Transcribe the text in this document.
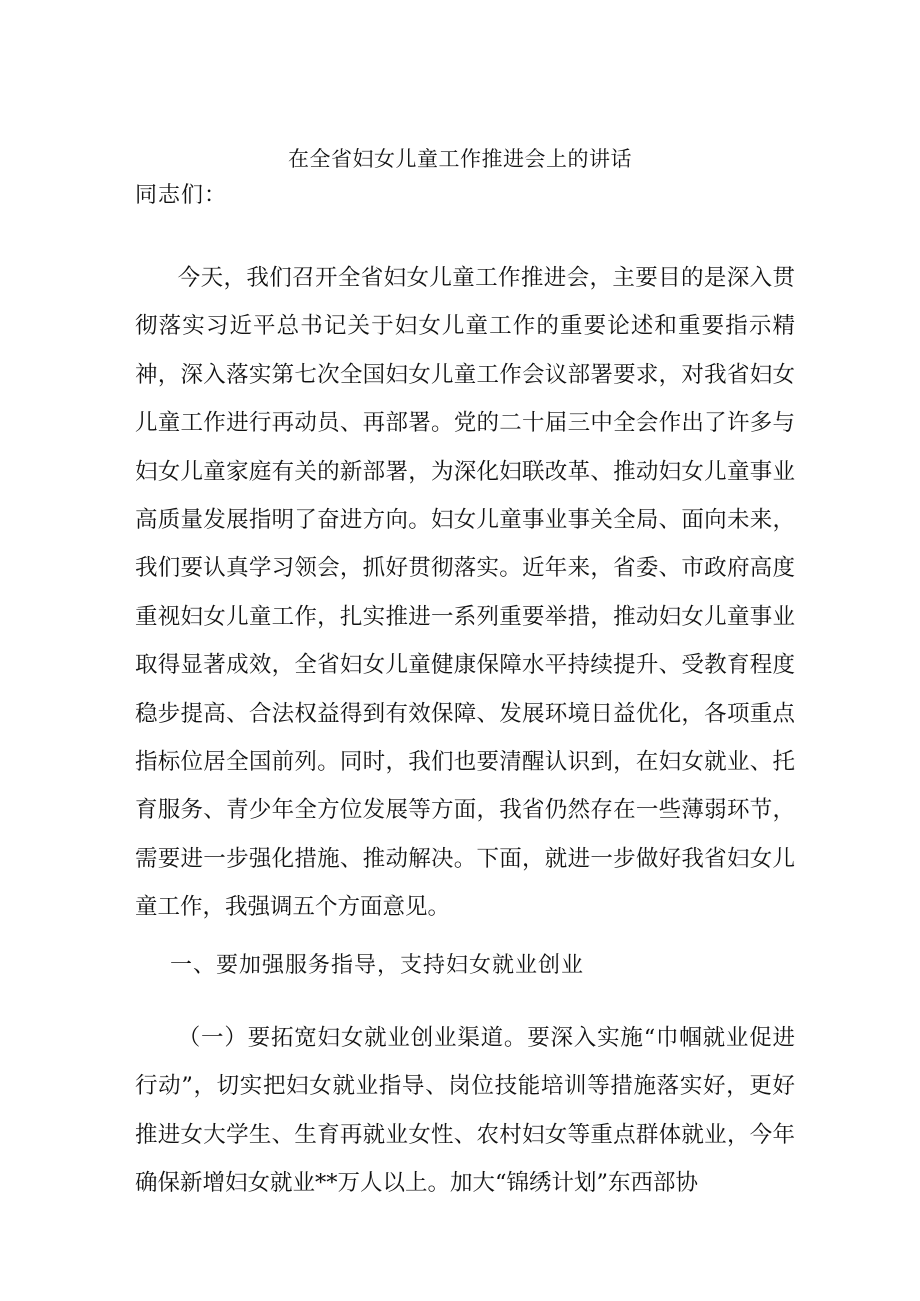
在全省妇女儿童工作推进会上的讲话
同志们：

今天，我们召开全省妇女儿童工作推进会，主要目的是深入贯彻落实习近平总书记关于妇女儿童工作的重要论述和重要指示精神，深入落实第七次全国妇女儿童工作会议部署要求，对我省妇女儿童工作进行再动员、再部署。党的二十届三中全会作出了许多与妇女儿童家庭有关的新部署，为深化妇联改革、推动妇女儿童事业高质量发展指明了奋进方向。妇女儿童事业事关全局、面向未来，我们要认真学习领会，抓好贯彻落实。近年来，省委、市政府高度重视妇女儿童工作，扎实推进一系列重要举措，推动妇女儿童事业取得显著成效，全省妇女儿童健康保障水平持续提升、受教育程度稳步提高、合法权益得到有效保障、发展环境日益优化，各项重点指标位居全国前列。同时，我们也要清醒认识到，在妇女就业、托育服务、青少年全方位发展等方面，我省仍然存在一些薄弱环节，需要进一步强化措施、推动解决。下面，就进一步做好我省妇女儿童工作，我强调五个方面意见。

一、要加强服务指导，支持妇女就业创业

（一）要拓宽妇女就业创业渠道。要深入实施“巾帼就业促进行动”，切实把妇女就业指导、岗位技能培训等措施落实好，更好推进女大学生、生育再就业女性、农村妇女等重点群体就业，今年确保新增妇女就业**万人以上。加大“锦绣计划”东西部协
